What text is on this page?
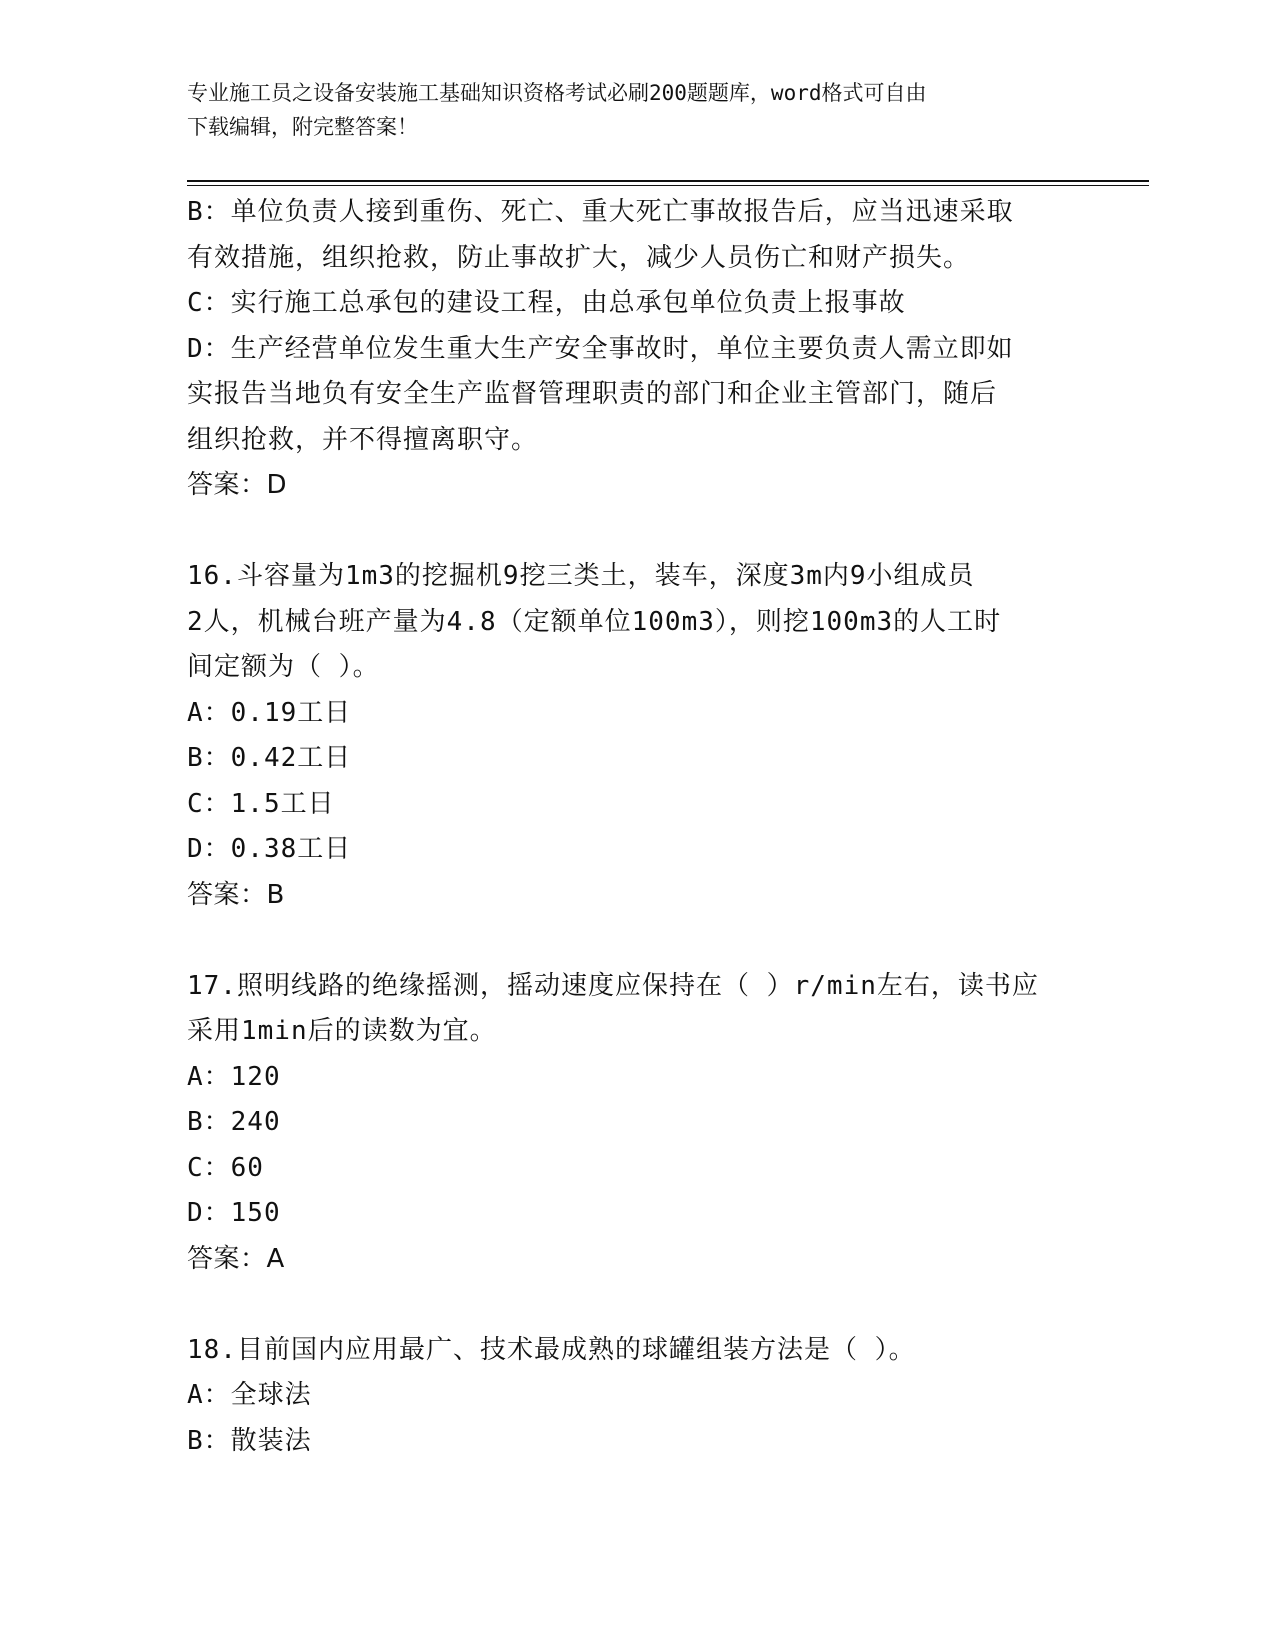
专业施工员之设备安装施工基础知识资格考试必刷200题题库，word格式可自由
下载编辑，附完整答案！
B：单位负责人接到重伤、死亡、重大死亡事故报告后，应当迅速采取
有效措施，组织抢救，防止事故扩大，减少人员伤亡和财产损失。
C：实行施工总承包的建设工程，由总承包单位负责上报事故
D：生产经营单位发生重大生产安全事故时，单位主要负责人需立即如
实报告当地负有安全生产监督管理职责的部门和企业主管部门，随后
组织抢救，并不得擅离职守。
答案：D
16.斗容量为1m3的挖掘机9挖三类土，装车，深度3m内9小组成员
2人，机械台班产量为4.8（定额单位100m3），则挖100m3的人工时
间定额为（ ）。
A：0.19工日
B：0.42工日
C：1.5工日
D：0.38工日
答案：B
17.照明线路的绝缘摇测，摇动速度应保持在（ ）r/min左右，读书应
采用1min后的读数为宜。
A：120
B：240
C：60
D：150
答案：A
18.目前国内应用最广、技术最成熟的球罐组装方法是（ ）。
A：全球法
B：散装法
